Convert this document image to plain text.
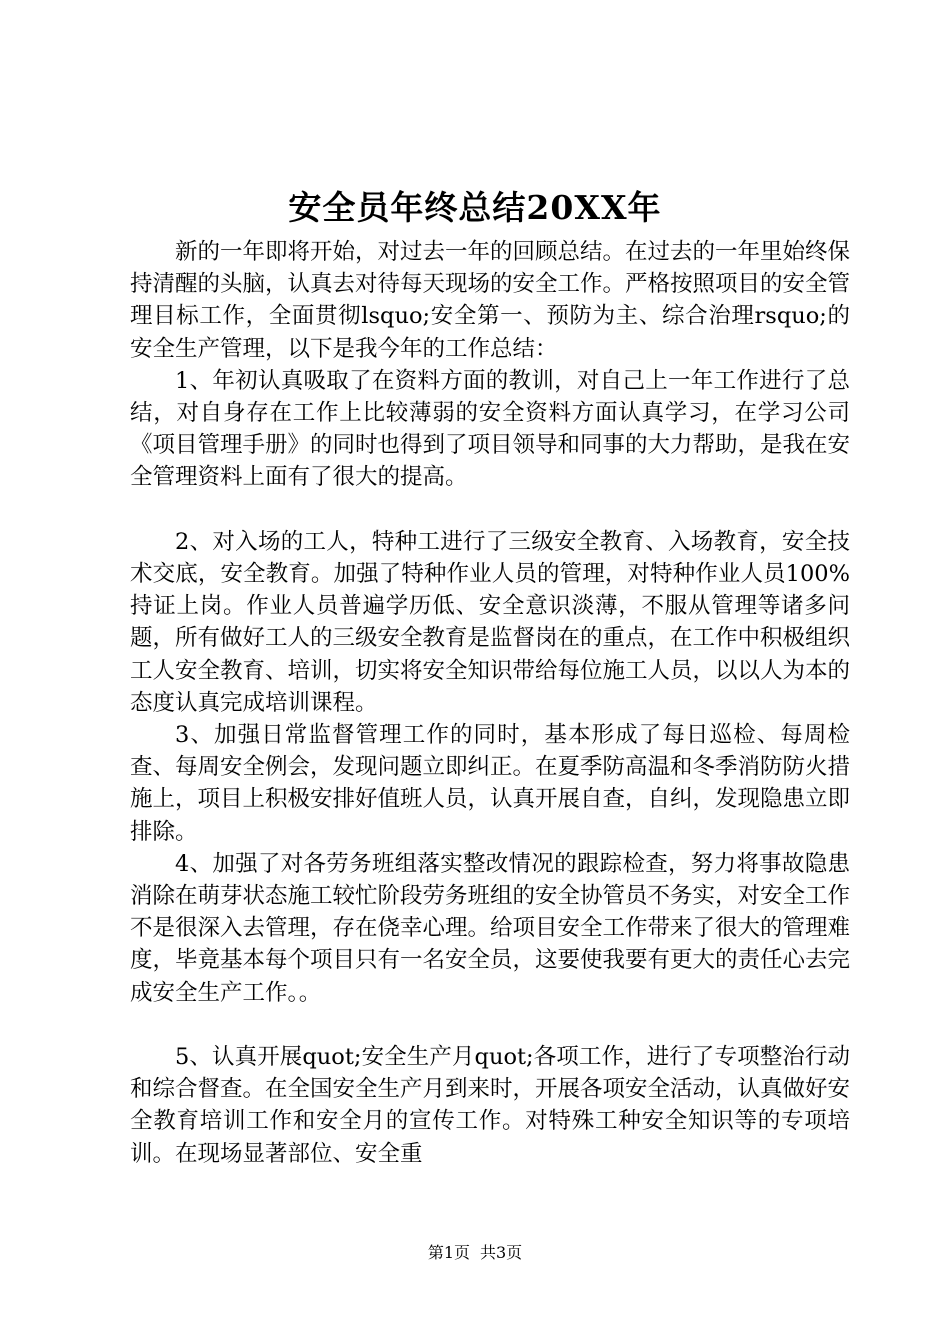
安全员年终总结20XX年

新的一年即将开始，对过去一年的回顾总结。在过去的一年里始终保持清醒的头脑，认真去对待每天现场的安全工作。严格按照项目的安全管理目标工作，全面贯彻lsquo;安全第一、预防为主、综合治理rsquo;的安全生产管理，以下是我今年的工作总结：

1、年初认真吸取了在资料方面的教训，对自己上一年工作进行了总结，对自身存在工作上比较薄弱的安全资料方面认真学习，在学习公司《项目管理手册》的同时也得到了项目领导和同事的大力帮助，是我在安全管理资料上面有了很大的提高。

2、对入场的工人，特种工进行了三级安全教育、入场教育，安全技术交底，安全教育。加强了特种作业人员的管理，对特种作业人员100%持证上岗。作业人员普遍学历低、安全意识淡薄，不服从管理等诸多问题，所有做好工人的三级安全教育是监督岗在的重点，在工作中积极组织工人安全教育、培训，切实将安全知识带给每位施工人员，以以人为本的态度认真完成培训课程。

3、加强日常监督管理工作的同时，基本形成了每日巡检、每周检查、每周安全例会，发现问题立即纠正。在夏季防高温和冬季消防防火措施上，项目上积极安排好值班人员，认真开展自查，自纠，发现隐患立即排除。

4、加强了对各劳务班组落实整改情况的跟踪检查，努力将事故隐患消除在萌芽状态施工较忙阶段劳务班组的安全协管员不务实，对安全工作不是很深入去管理，存在侥幸心理。给项目安全工作带来了很大的管理难度，毕竟基本每个项目只有一名安全员，这要使我要有更大的责任心去完成安全生产工作。。

5、认真开展quot;安全生产月quot;各项工作，进行了专项整治行动和综合督查。在全国安全生产月到来时，开展各项安全活动，认真做好安全教育培训工作和安全月的宣传工作。对特殊工种安全知识等的专项培训。在现场显著部位、安全重

第1页 共3页
